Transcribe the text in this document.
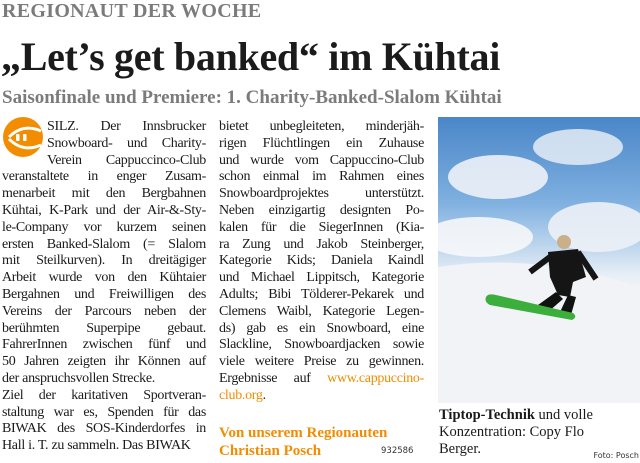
REGIONAUT DER WOCHE
„Let’s get banked“ im Kühtai
Saisonfinale und Premiere: 1. Charity-Banked-Slalom Kühtai
SILZ. Der Innsbrucker
Snowboard- und Charity-
Verein Cappuccinco-Club
veranstaltete in enger Zusam-
menarbeit mit den Bergbahnen
Kühtai, K-Park und der Air-&-Sty-
le-Company vor kurzem seinen
ersten Banked-Slalom (= Slalom
mit Steilkurven). In dreitägiger
Arbeit wurde von den Kühtaier
Bergahnen und Freiwilligen des
Vereins der Parcours neben der
berühmten Superpipe gebaut.
FahrerInnen zwischen fünf und
50 Jahren zeigten ihr Können auf
der anspruchsvollen Strecke.
Ziel der karitativen Sportveran-
staltung war es, Spenden für das
BIWAK des SOS-Kinderdorfes in
Hall i. T. zu sammeln. Das BIWAK
bietet unbegleiteten, minderjäh-
rigen Flüchtlingen ein Zuhause
und wurde vom Cappuccino-Club
schon einmal im Rahmen eines
Snowboardprojektes unterstützt.
Neben einzigartig designten Po-
kalen für die SiegerInnen (Kia-
ra Zung und Jakob Steinberger,
Kategorie Kids; Daniela Kaindl
und Michael Lippitsch, Kategorie
Adults; Bibi Tölderer-Pekarek und
Clemens Waibl, Kategorie Legen-
ds) gab es ein Snowboard, eine
Slackline, Snowboardjacken sowie
viele weitere Preise zu gewinnen.
Ergebnisse auf www.cappuccino-
club.org.
Von unserem Regionauten
Christian Posch	932586
Tiptop-Technik und volle
Konzentration: Copy Flo
Berger.	Foto: Posch
